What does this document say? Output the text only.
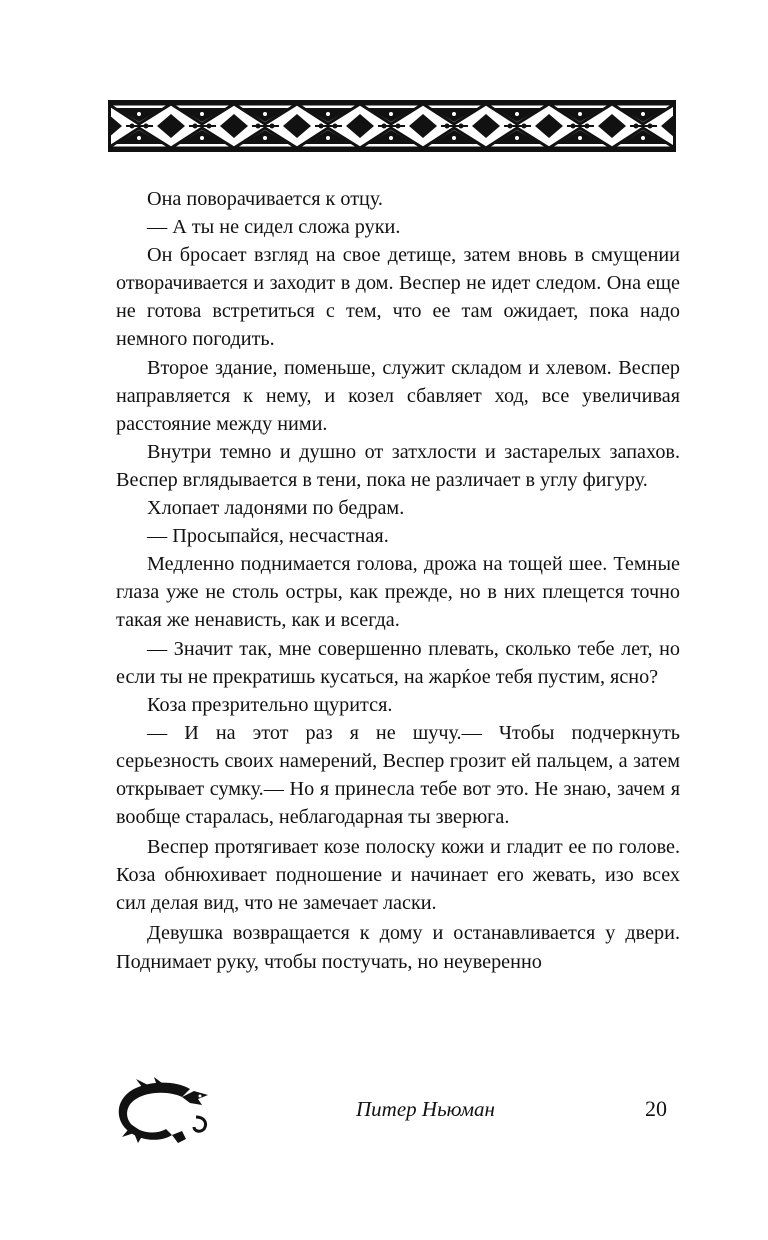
Она поворачивается к отцу.

— А ты не сидел сложа руки.

Он бросает взгляд на свое детище, затем вновь в смущении отворачивается и заходит в дом. Веспер не идет следом. Она еще не готова встретиться с тем, что ее там ожидает, пока надо немного погодить.

Второе здание, поменьше, служит складом и хлевом. Веспер направляется к нему, и козел сбавляет ход, все увеличивая расстояние между ними.

Внутри темно и душно от затхлости и застарелых запахов. Веспер вглядывается в тени, пока не различает в углу фигуру.

Хлопает ладонями по бедрам.

— Просыпайся, несчастная.

Медленно поднимается голова, дрожа на тощей шее. Темные глаза уже не столь остры, как прежде, но в них плещется точно такая же ненависть, как и всегда.

— Значит так, мне совершенно плевать, сколько тебе лет, но если ты не прекратишь кусаться, на жарќое тебя пустим, ясно?

Коза презрительно щурится.

— И на этот раз я не шучу.— Чтобы подчеркнуть серьезность своих намерений, Веспер грозит ей пальцем, а затем открывает сумку.— Но я принесла тебе вот это. Не знаю, зачем я вообще старалась, неблагодарная ты зверюга.

Веспер протягивает козе полоску кожи и гладит ее по голове. Коза обнюхивает подношение и начинает его жевать, изо всех сил делая вид, что не замечает ласки.

Девушка возвращается к дому и останавливается у двери. Поднимает руку, чтобы постучать, но неуверенно

Питер Ньюман	20
